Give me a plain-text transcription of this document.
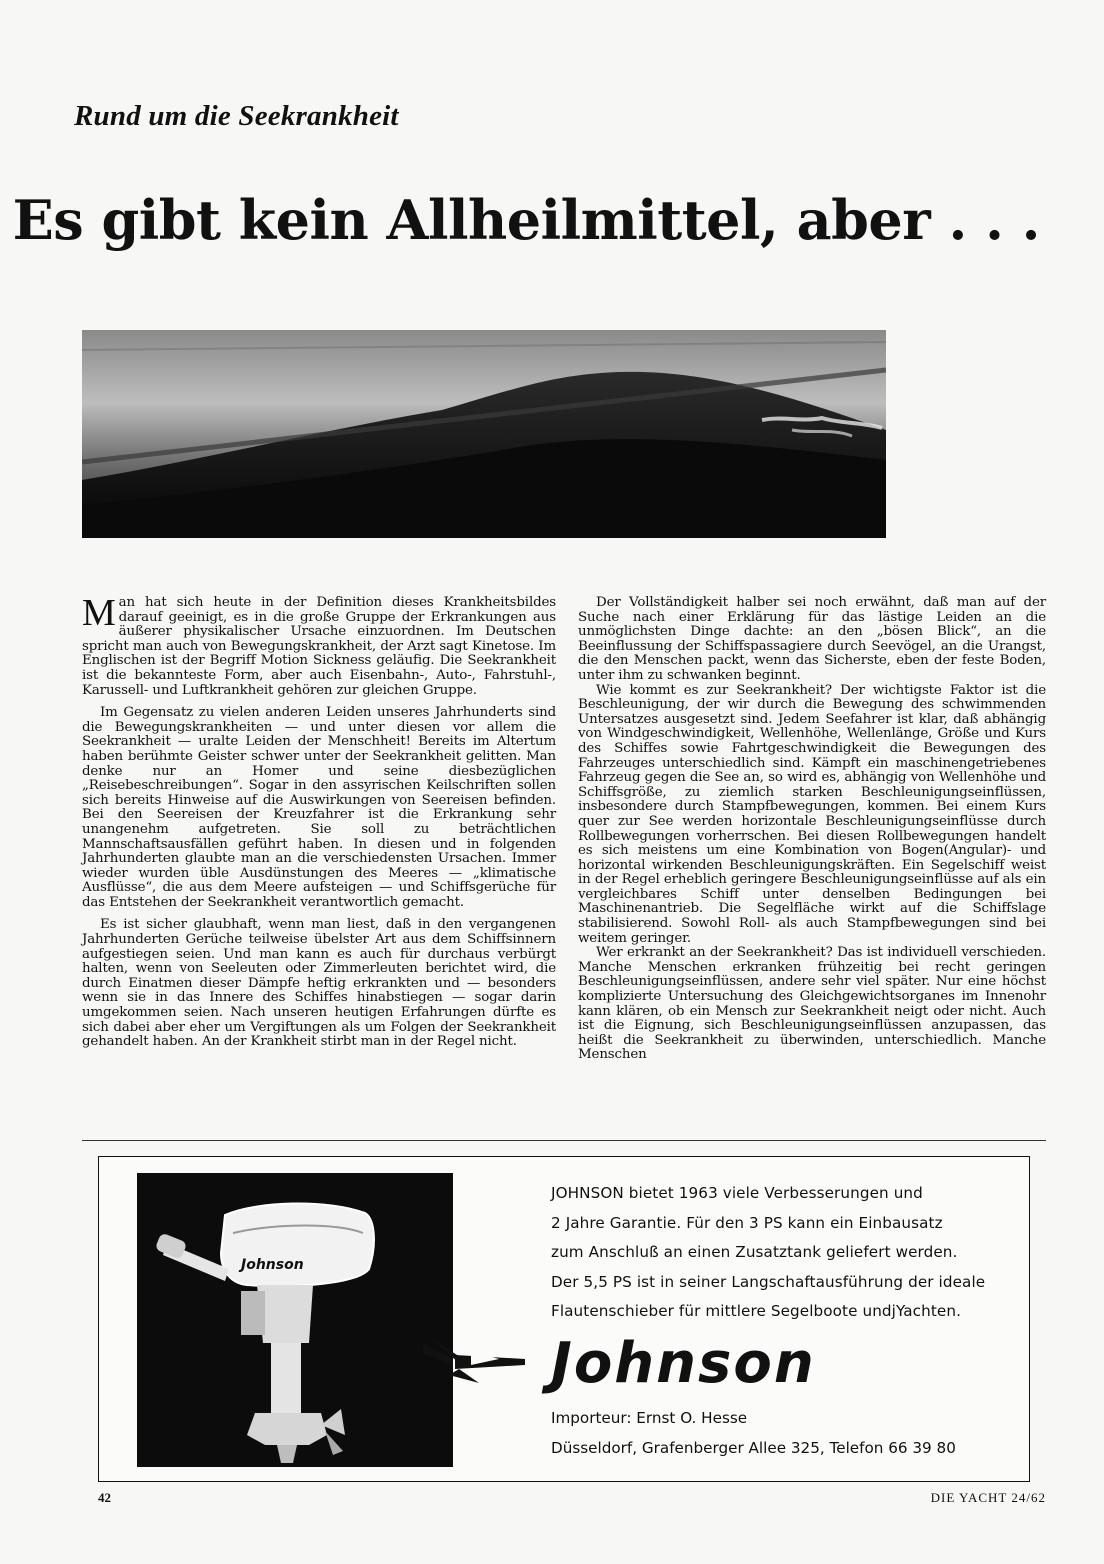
Rund um die Seekrankheit
Es gibt kein Allheilmittel, aber . . .

Man hat sich heute in der Definition dieses Krankheitsbildes darauf geeinigt, es in die große Gruppe der Erkrankungen aus äußerer physikalischer Ursache einzuordnen. Im Deutschen spricht man auch von Bewegungskrankheit, der Arzt sagt Kinetose. Im Englischen ist der Begriff Motion Sickness geläufig. Die Seekrankheit ist die bekannteste Form, aber auch Eisenbahn-, Auto-, Fahrstuhl-, Karussell- und Luftkrankheit gehören zur gleichen Gruppe.

Im Gegensatz zu vielen anderen Leiden unseres Jahrhunderts sind die Bewegungskrankheiten — und unter diesen vor allem die Seekrankheit — uralte Leiden der Menschheit! Bereits im Altertum haben berühmte Geister schwer unter der Seekrankheit gelitten. Man denke nur an Homer und seine diesbezüglichen „Reisebeschreibungen“. Sogar in den assyrischen Keilschriften sollen sich bereits Hinweise auf die Auswirkungen von Seereisen befinden. Bei den Seereisen der Kreuzfahrer ist die Erkrankung sehr unangenehm aufgetreten. Sie soll zu beträchtlichen Mannschaftsausfällen geführt haben. In diesen und in folgenden Jahrhunderten glaubte man an die verschiedensten Ursachen. Immer wieder wurden üble Ausdünstungen des Meeres — „klimatische Ausflüsse“, die aus dem Meere aufsteigen — und Schiffsgerüche für das Entstehen der Seekrankheit verantwortlich gemacht.

Es ist sicher glaubhaft, wenn man liest, daß in den vergangenen Jahrhunderten Gerüche teilweise übelster Art aus dem Schiffsinnern aufgestiegen seien. Und man kann es auch für durchaus verbürgt halten, wenn von Seeleuten oder Zimmerleuten berichtet wird, die durch Einatmen dieser Dämpfe heftig erkrankten und — besonders wenn sie in das Innere des Schiffes hinabstiegen — sogar darin umgekommen seien. Nach unseren heutigen Erfahrungen dürfte es sich dabei aber eher um Vergiftungen als um Folgen der Seekrankheit gehandelt haben. An der Krankheit stirbt man in der Regel nicht.

Der Vollständigkeit halber sei noch erwähnt, daß man auf der Suche nach einer Erklärung für das lästige Leiden an die unmöglichsten Dinge dachte: an den „bösen Blick“, an die Beeinflussung der Schiffspassagiere durch Seevögel, an die Urangst, die den Menschen packt, wenn das Sicherste, eben der feste Boden, unter ihm zu schwanken beginnt.

Wie kommt es zur Seekrankheit? Der wichtigste Faktor ist die Beschleunigung, der wir durch die Bewegung des schwimmenden Untersatzes ausgesetzt sind. Jedem Seefahrer ist klar, daß abhängig von Windgeschwindigkeit, Wellenhöhe, Wellenlänge, Größe und Kurs des Schiffes sowie Fahrtgeschwindigkeit die Bewegungen des Fahrzeuges unterschiedlich sind. Kämpft ein maschinengetriebenes Fahrzeug gegen die See an, so wird es, abhängig von Wellenhöhe und Schiffsgröße, zu ziemlich starken Beschleunigungseinflüssen, insbesondere durch Stampfbewegungen, kommen. Bei einem Kurs quer zur See werden horizontale Beschleunigungseinflüsse durch Rollbewegungen vorherrschen. Bei diesen Rollbewegungen handelt es sich meistens um eine Kombination von Bogen(Angular)- und horizontal wirkenden Beschleunigungskräften. Ein Segelschiff weist in der Regel erheblich geringere Beschleunigungseinflüsse auf als ein vergleichbares Schiff unter denselben Bedingungen bei Maschinenantrieb. Die Segelfläche wirkt auf die Schiffslage stabilisierend. Sowohl Roll- als auch Stampfbewegungen sind bei weitem geringer.

Wer erkrankt an der Seekrankheit? Das ist individuell verschieden. Manche Menschen erkranken frühzeitig bei recht geringen Beschleunigungseinflüssen, andere sehr viel später. Nur eine höchst komplizierte Untersuchung des Gleichgewichtsorganes im Innenohr kann klären, ob ein Mensch zur Seekrankheit neigt oder nicht. Auch ist die Eignung, sich Beschleunigungseinflüssen anzupassen, das heißt die Seekrankheit zu überwinden, unterschiedlich. Manche Menschen

Johnson
JOHNSON bietet 1963 viele Verbesserungen und
2 Jahre Garantie. Für den 3 PS kann ein Einbausatz
zum Anschluß an einen Zusatztank geliefert werden.
Der 5,5 PS ist in seiner Langschaftausführung der ideale
Flautenschieber für mittlere Segelboote undjYachten.
Johnson
Importeur: Ernst O. Hesse
Düsseldorf, Grafenberger Allee 325, Telefon 66 39 80
42	DIE YACHT 24/62
